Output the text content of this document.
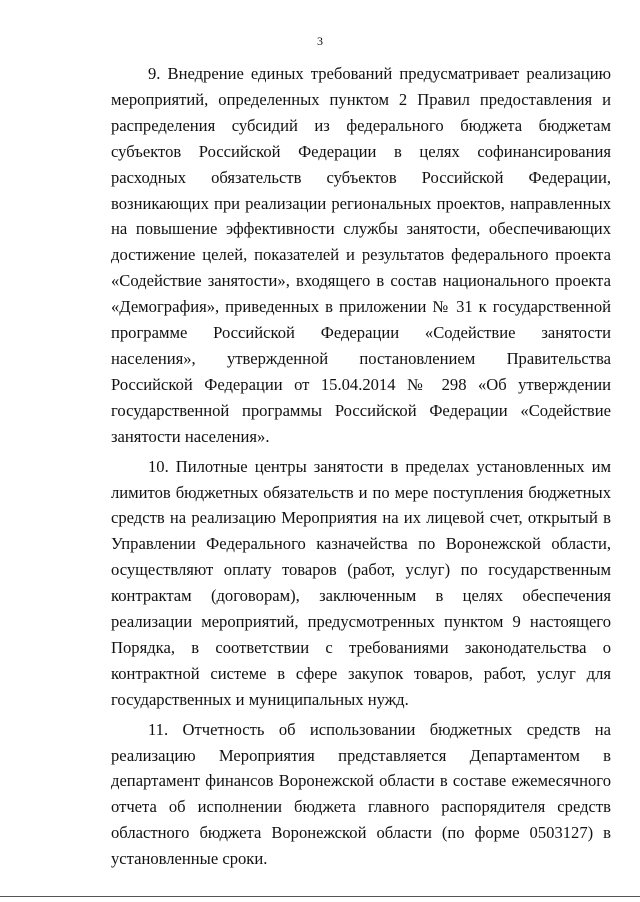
3

9. Внедрение единых требований предусматривает реализацию мероприятий, определенных пунктом 2 Правил предоставления и распределения субсидий из федерального бюджета бюджетам субъектов Российской Федерации в целях софинансирования расходных обязательств субъектов Российской Федерации, возникающих при реализации региональных проектов, направленных на повышение эффективности службы занятости, обеспечивающих достижение целей, показателей и результатов федерального проекта «Содействие занятости», входящего в состав национального проекта «Демография», приведенных в приложении № 31 к государственной программе Российской Федерации «Содействие занятости населения», утвержденной постановлением Правительства Российской Федерации от 15.04.2014 № 298 «Об утверждении государственной программы Российской Федерации «Содействие занятости населения».

10. Пилотные центры занятости в пределах установленных им лимитов бюджетных обязательств и по мере поступления бюджетных средств на реализацию Мероприятия на их лицевой счет, открытый в Управлении Федерального казначейства по Воронежской области, осуществляют оплату товаров (работ, услуг) по государственным контрактам (договорам), заключенным в целях обеспечения реализации мероприятий, предусмотренных пунктом 9 настоящего Порядка, в соответствии с требованиями законодательства о контрактной системе в сфере закупок товаров, работ, услуг для государственных и муниципальных нужд.

11. Отчетность об использовании бюджетных средств на реализацию Мероприятия представляется Департаментом в департамент финансов Воронежской области в составе ежемесячного отчета об исполнении бюджета главного распорядителя средств областного бюджета Воронежской области (по форме 0503127) в установленные сроки.
